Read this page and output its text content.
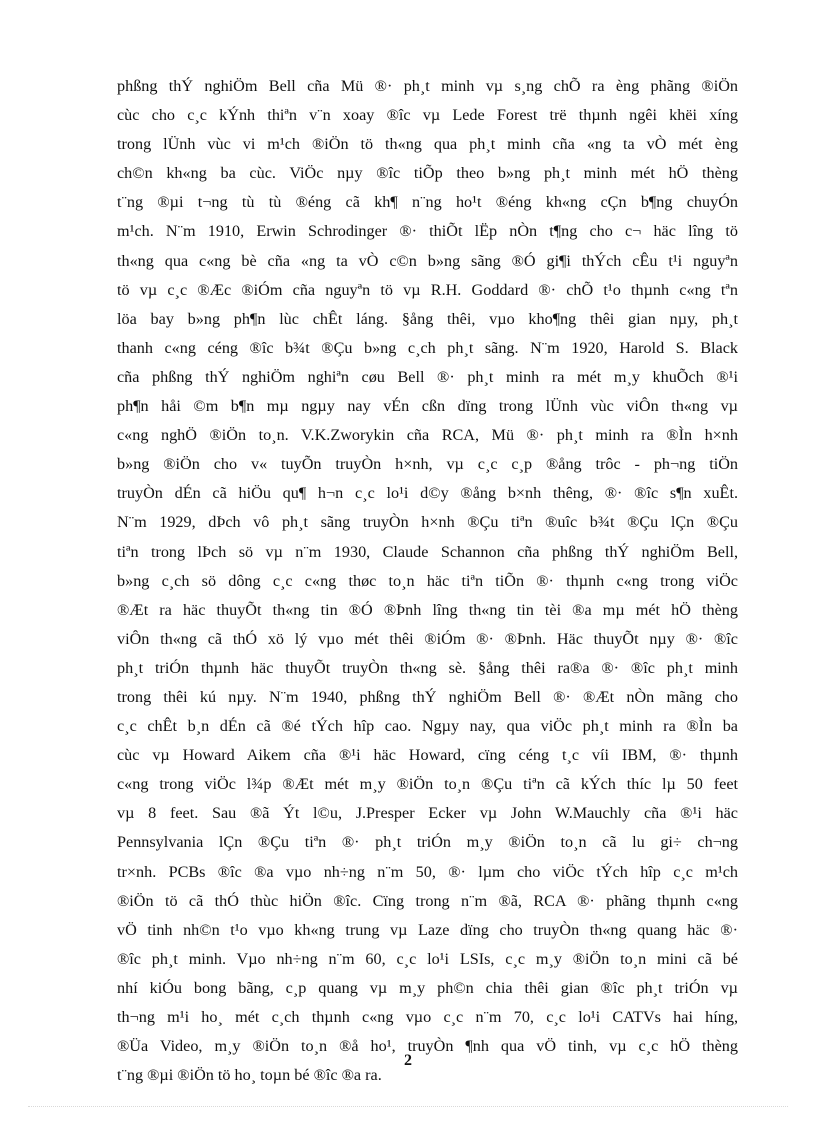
phßng thÝ nghiÖm Bell cña Mü ®· ph¸t minh vµ s¸ng chÕ ra èng phãng ®iÖn
cùc cho c¸c kÝnh thiªn v¨n xoay ®îc vµ Lede Forest trë thµnh ngêi khëi xíng
trong lÜnh vùc vi m¹ch ®iÖn tö th«ng qua ph¸t minh cña «ng ta vÒ mét èng
ch©n kh«ng ba cùc. ViÖc nµy ®îc tiÕp theo b»ng ph¸t minh mét hÖ thèng
t¨ng ®µi t¬ng tù tù ®éng cã kh¶ n¨ng ho¹t ®éng kh«ng cÇn b¶ng chuyÓn
m¹ch. N¨m 1910, Erwin Schrodinger ®· thiÕt lËp nÒn t¶ng cho c¬ häc lîng tö
th«ng qua c«ng bè cña «ng ta vÒ c©n b»ng sãng ®Ó gi¶i thÝch cÊu t¹i nguyªn
tö vµ c¸c ®Æc ®iÓm cña nguyªn tö vµ R.H. Goddard ®· chÕ t¹o thµnh c«ng tªn
löa bay b»ng ph¶n lùc chÊt láng. §ång thêi, vµo kho¶ng thêi gian nµy, ph¸t
thanh c«ng céng ®îc b¾t ®Çu b»ng c¸ch ph¸t sãng. N¨m 1920, Harold S. Black
cña phßng thÝ nghiÖm nghiªn cøu Bell ®· ph¸t minh ra mét m¸y khuÕch ®¹i
ph¶n håi ©m b¶n mµ ngµy nay vÉn cßn dïng trong lÜnh vùc viÔn th«ng vµ
c«ng nghÖ ®iÖn to¸n. V.K.Zworykin cña RCA, Mü ®· ph¸t minh ra ®Ìn h×nh
b»ng ®iÖn cho v« tuyÕn truyÒn h×nh, vµ c¸c c¸p ®ång trôc - ph¬ng tiÖn
truyÒn dÉn cã hiÖu qu¶ h¬n c¸c lo¹i d©y ®ång b×nh thêng, ®· ®îc s¶n xuÊt.
N¨m 1929, dÞch vô ph¸t sãng truyÒn h×nh ®Çu tiªn ®uîc b¾t ®Çu lÇn ®Çu
tiªn trong lÞch sö vµ n¨m 1930, Claude Schannon cña phßng thÝ nghiÖm Bell,
b»ng c¸ch sö dông c¸c c«ng thøc to¸n häc tiªn tiÕn ®· thµnh c«ng trong viÖc
®Æt ra häc thuyÕt th«ng tin ®Ó ®Þnh lîng th«ng tin tèi ®a mµ mét hÖ thèng
viÔn th«ng cã thÓ xö lý vµo mét thêi ®iÓm ®· ®Þnh. Häc thuyÕt nµy ®· ®îc
ph¸t triÓn thµnh häc thuyÕt truyÒn th«ng sè. §ång thêi ra®a ®· ®îc ph¸t minh
trong thêi kú nµy. N¨m 1940, phßng thÝ nghiÖm Bell ®· ®Æt nÒn mãng cho
c¸c chÊt b¸n dÉn cã ®é tÝch hîp cao. Ngµy nay, qua viÖc ph¸t minh ra ®Ìn ba
cùc vµ Howard Aikem cña ®¹i häc Howard, cïng céng t¸c víi IBM, ®· thµnh
c«ng trong viÖc l¾p ®Æt mét m¸y ®iÖn to¸n ®Çu tiªn cã kÝch thíc lµ 50 feet
vµ 8 feet. Sau ®ã Ýt l©u, J.Presper Ecker vµ John W.Mauchly cña ®¹i häc
Pennsylvania lÇn ®Çu tiªn ®· ph¸t triÓn m¸y ®iÖn to¸n cã lu gi÷ ch¬ng
tr×nh. PCBs ®îc ®a vµo nh÷ng n¨m 50, ®· lµm cho viÖc tÝch hîp c¸c m¹ch
®iÖn tö cã thÓ thùc hiÖn ®îc. Cïng trong n¨m ®ã, RCA ®· phãng thµnh c«ng
vÖ tinh nh©n t¹o vµo kh«ng trung vµ Laze dïng cho truyÒn th«ng quang häc ®·
®îc ph¸t minh. Vµo nh÷ng n¨m 60, c¸c lo¹i LSIs, c¸c m¸y ®iÖn to¸n mini cã bé
nhí kiÓu bong bãng, c¸p quang vµ m¸y ph©n chia thêi gian ®îc ph¸t triÓn vµ
th¬ng m¹i ho¸ mét c¸ch thµnh c«ng vµo c¸c n¨m 70, c¸c lo¹i CATVs hai híng,
®Üa Video, m¸y ®iÖn to¸n ®å ho¹, truyÒn ¶nh qua vÖ tinh, vµ c¸c hÖ thèng
t¨ng ®µi ®iÖn tö ho¸ toµn bé ®îc ®a ra.
2
